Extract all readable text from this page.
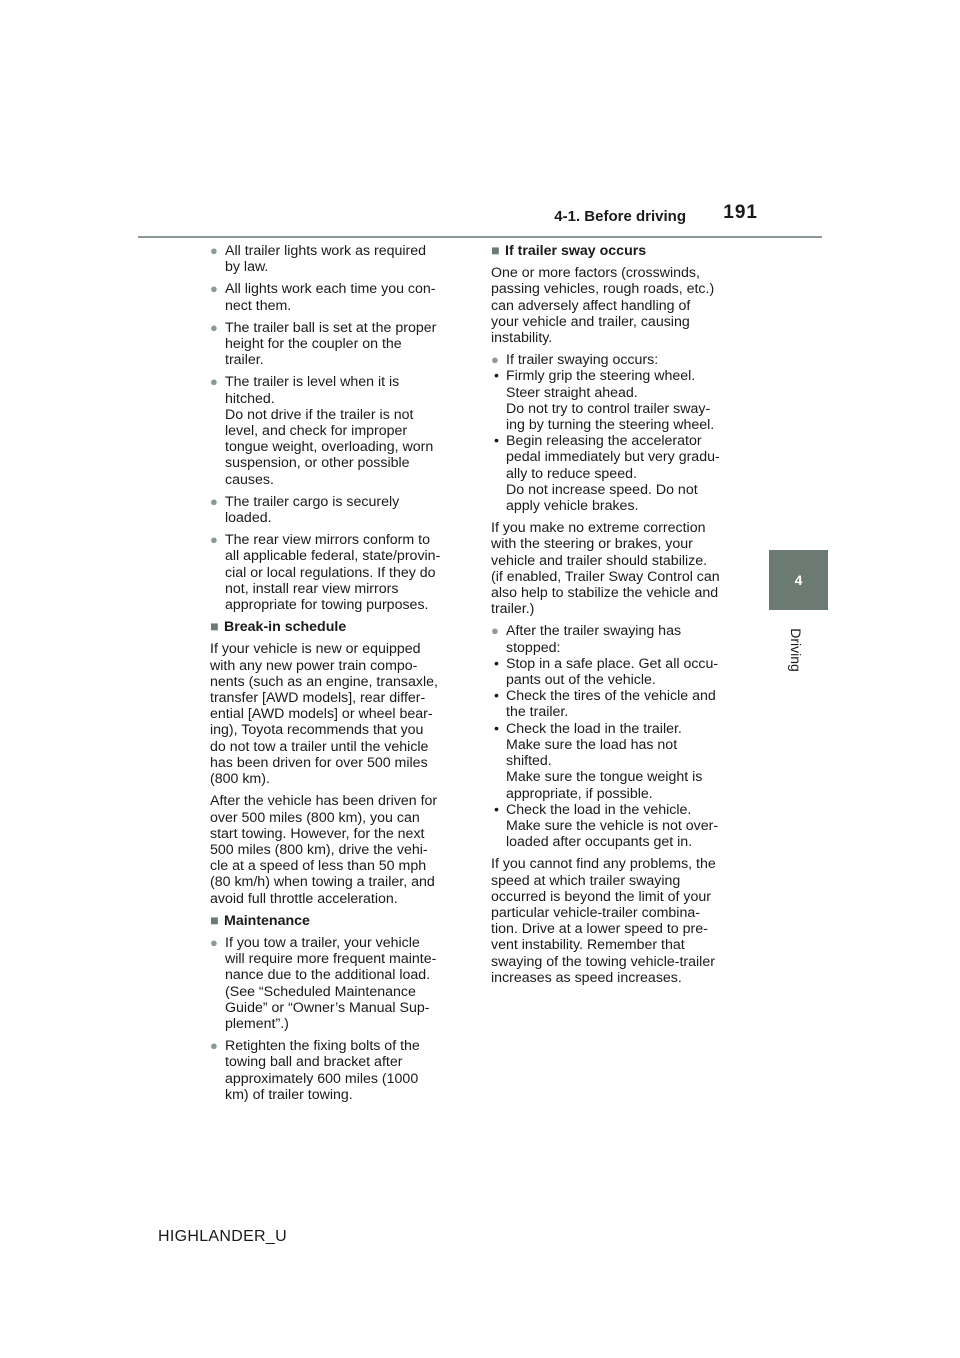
4-1. Before driving 191
4
Driving
● All trailer lights work as required
by law.
● All lights work each time you con-
nect them.
● The trailer ball is set at the proper
height for the coupler on the
trailer.
● The trailer is level when it is
hitched.
Do not drive if the trailer is not
level, and check for improper
tongue weight, overloading, worn
suspension, or other possible
causes.
● The trailer cargo is securely
loaded.
● The rear view mirrors conform to
all applicable federal, state/provin-
cial or local regulations. If they do
not, install rear view mirrors
appropriate for towing purposes.
■ Break-in schedule
If your vehicle is new or equipped
with any new power train compo-
nents (such as an engine, transaxle,
transfer [AWD models], rear differ-
ential [AWD models] or wheel bear-
ing), Toyota recommends that you
do not tow a trailer until the vehicle
has been driven for over 500 miles
(800 km).
After the vehicle has been driven for
over 500 miles (800 km), you can
start towing. However, for the next
500 miles (800 km), drive the vehi-
cle at a speed of less than 50 mph
(80 km/h) when towing a trailer, and
avoid full throttle acceleration.
■ Maintenance
● If you tow a trailer, your vehicle
will require more frequent mainte-
nance due to the additional load.
(See “Scheduled Maintenance
Guide” or “Owner’s Manual Sup-
plement”.)
● Retighten the fixing bolts of the
towing ball and bracket after
approximately 600 miles (1000
km) of trailer towing.
■ If trailer sway occurs
One or more factors (crosswinds,
passing vehicles, rough roads, etc.)
can adversely affect handling of
your vehicle and trailer, causing
instability.
● If trailer swaying occurs:
• Firmly grip the steering wheel.
Steer straight ahead.
Do not try to control trailer sway-
ing by turning the steering wheel.
• Begin releasing the accelerator
pedal immediately but very gradu-
ally to reduce speed.
Do not increase speed. Do not
apply vehicle brakes.
If you make no extreme correction
with the steering or brakes, your
vehicle and trailer should stabilize.
(if enabled, Trailer Sway Control can
also help to stabilize the vehicle and
trailer.)
● After the trailer swaying has
stopped:
• Stop in a safe place. Get all occu-
pants out of the vehicle.
• Check the tires of the vehicle and
the trailer.
• Check the load in the trailer.
Make sure the load has not
shifted.
Make sure the tongue weight is
appropriate, if possible.
• Check the load in the vehicle.
Make sure the vehicle is not over-
loaded after occupants get in.
If you cannot find any problems, the
speed at which trailer swaying
occurred is beyond the limit of your
particular vehicle-trailer combina-
tion. Drive at a lower speed to pre-
vent instability. Remember that
swaying of the towing vehicle-trailer
increases as speed increases.
HIGHLANDER_U
